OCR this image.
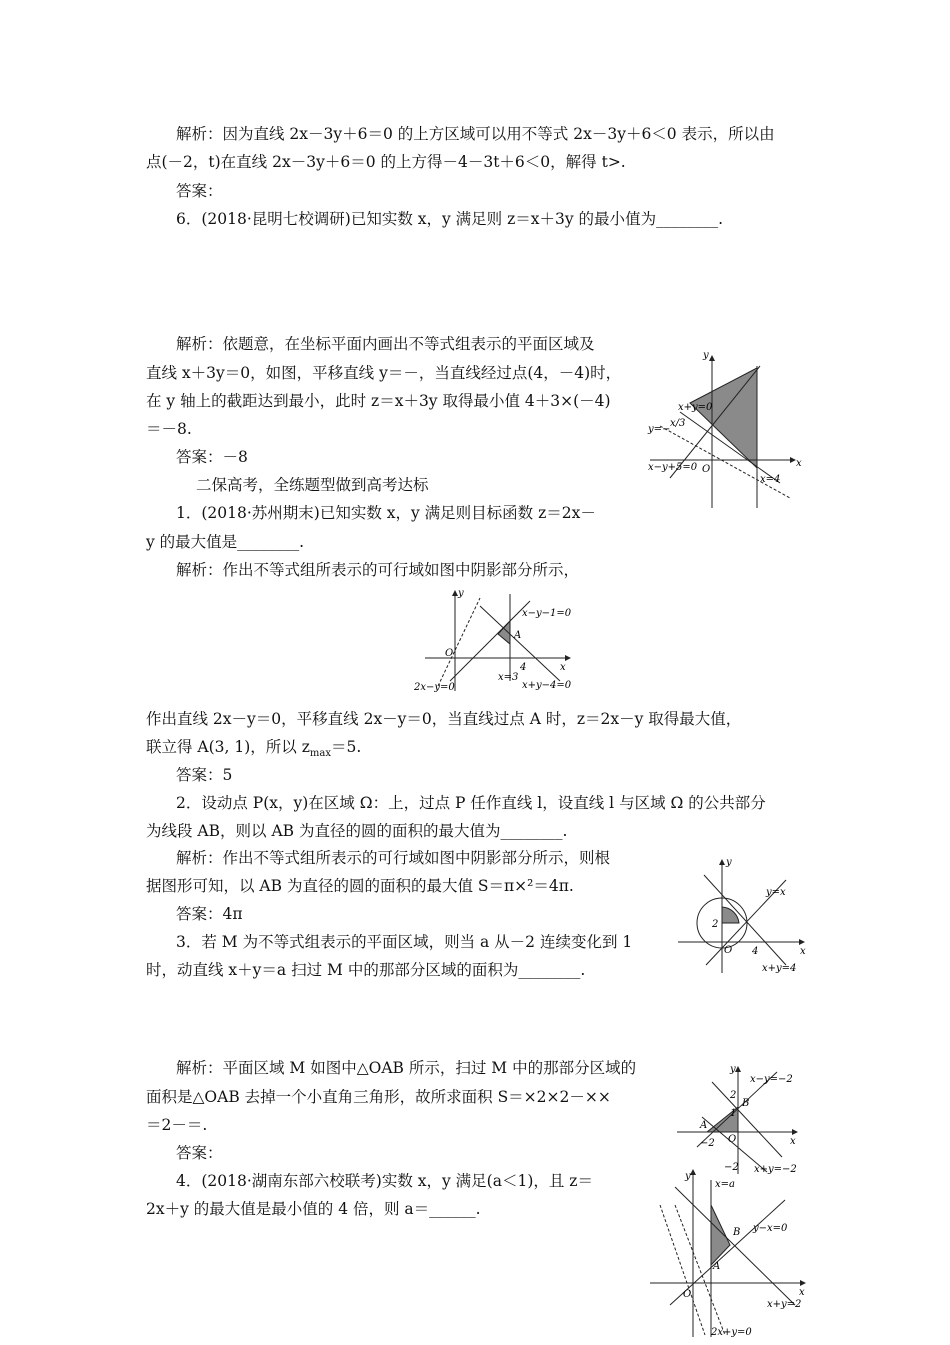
解析：因为直线 2x－3y＋6＝0 的上方区域可以用不等式 2x－3y＋6＜0 表示，所以由
点(－2，t)在直线 2x－3y＋6＝0 的上方得－4－3t＋6＜0，解得 t>.
答案：
6．(2018·昆明七校调研)已知实数 x，y 满足则 z＝x＋3y 的最小值为________.
解析：依题意，在坐标平面内画出不等式组表示的平面区域及
直线 x＋3y＝0，如图，平移直线 y＝－，当直线经过点(4，－4)时，
在 y 轴上的截距达到最小，此时 z＝x＋3y 取得最小值 4＋3×(－4)
＝－8.
答案：－8
y
x
O
x+y=0
y=−
x/3
x−y+5=0
x=4
二保高考，全练题型做到高考达标
1．(2018·苏州期末)已知实数 x，y 满足则目标函数 z＝2x－
y 的最大值是________.
解析：作出不等式组所表示的可行域如图中阴影部分所示，
y
x
O
A
x−y−1=0
2x−y=0
x=3
x+y−4=0
4
作出直线 2x－y＝0，平移直线 2x－y＝0，当直线过点 A 时，z＝2x－y 取得最大值，
联立得 A(3, 1)，所以 $z_{max}=5$.
答案：5
2．设动点 P(x，y)在区域 Ω：上，过点 P 任作直线 l，设直线 l 与区域 Ω 的公共部分
为线段 AB，则以 AB 为直径的圆的面积的最大值为________.
解析：作出不等式组所表示的可行域如图中阴影部分所示，则根
据图形可知，以 AB 为直径的圆的面积的最大值 S＝π×²＝4π.
答案：4π
3．若 M 为不等式组表示的平面区域，则当 a 从－2 连续变化到 1
时，动直线 x＋y＝a 扫过 M 中的那部分区域的面积为________.
y
x
O
y=x
x+y=4
2
4
解析：平面区域 M 如图中△OAB 所示，扫过 M 中的那部分区域的
面积是△OAB 去掉一个小直角三角形，故所求面积 S＝×2×2－××
＝2－＝.
答案：
y
x
O
A
B
x−y=−2
x+y=−2
2
1
−2
−2
4．(2018·湖南东部六校联考)实数 x，y 满足(a＜1)，且 z＝
2x＋y 的最大值是最小值的 4 倍，则 a＝______.
y
x
O
A
B
x=a
y−x=0
x+y=2
2x+y=0
